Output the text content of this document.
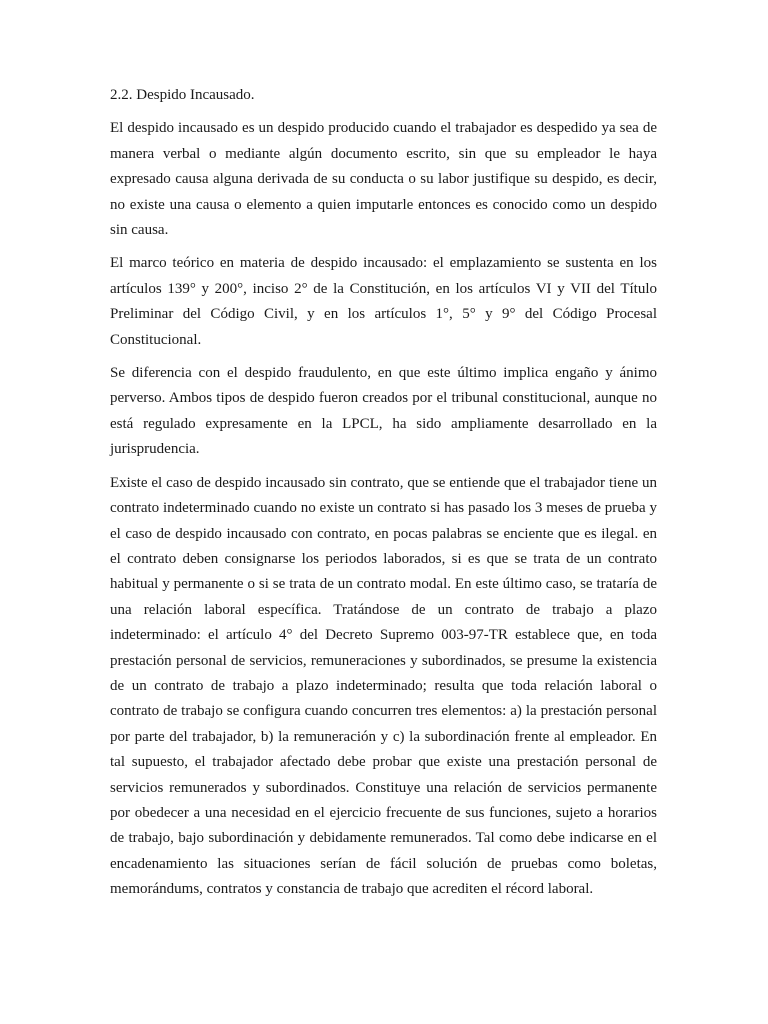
2.2. Despido Incausado.

El despido incausado es un despido producido cuando el trabajador es despedido ya sea de manera verbal o mediante algún documento escrito, sin que su empleador le haya expresado causa alguna derivada de su conducta o su labor justifique su despido, es decir, no existe una causa o elemento a quien imputarle entonces es conocido como un despido sin causa.

El marco teórico en materia de despido incausado: el emplazamiento se sustenta en los artículos 139° y 200°, inciso 2° de la Constitución, en los artículos VI y VII del Título Preliminar del Código Civil, y en los artículos 1°, 5° y 9° del Código Procesal Constitucional.

Se diferencia con el despido fraudulento, en que este último implica engaño y ánimo perverso. Ambos tipos de despido fueron creados por el tribunal constitucional, aunque no está regulado expresamente en la LPCL, ha sido ampliamente desarrollado en la jurisprudencia.

Existe el caso de despido incausado sin contrato, que se entiende que el trabajador tiene un contrato indeterminado cuando no existe un contrato si has pasado los 3 meses de prueba y el caso de despido incausado con contrato, en pocas palabras se enciente que es ilegal. en el contrato deben consignarse los periodos laborados, si es que se trata de un contrato habitual y permanente o si se trata de un contrato modal. En este último caso, se trataría de una relación laboral específica. Tratándose de un contrato de trabajo a plazo indeterminado: el artículo 4° del Decreto Supremo 003-97-TR establece que, en toda prestación personal de servicios, remuneraciones y subordinados, se presume la existencia de un contrato de trabajo a plazo indeterminado; resulta que toda relación laboral o contrato de trabajo se configura cuando concurren tres elementos: a) la prestación personal por parte del trabajador, b) la remuneración y c) la subordinación frente al empleador. En tal supuesto, el trabajador afectado debe probar que existe una prestación personal de servicios remunerados y subordinados. Constituye una relación de servicios permanente por obedecer a una necesidad en el ejercicio frecuente de sus funciones, sujeto a horarios de trabajo, bajo subordinación y debidamente remunerados. Tal como debe indicarse en el encadenamiento las situaciones serían de fácil solución de pruebas como boletas, memorándums, contratos y constancia de trabajo que acrediten el récord laboral.
